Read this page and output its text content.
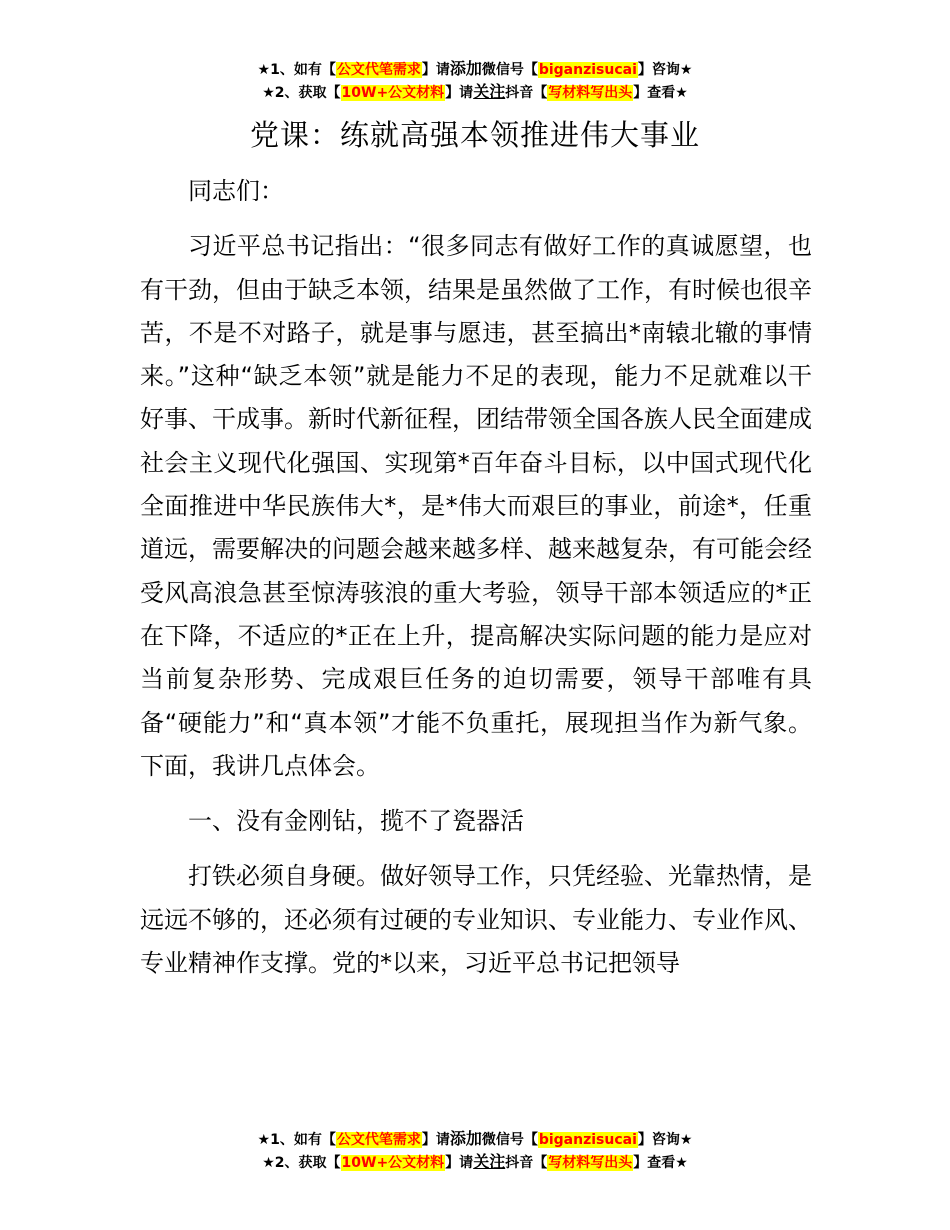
★1、如有【公文代笔需求】请添加微信号【biganzisucai】咨询★
★2、获取【10W+公文材料】请关注抖音【写材料写出头】查看★
党课：练就高强本领推进伟大事业

同志们：

习近平总书记指出：“很多同志有做好工作的真诚愿望，也有干劲，但由于缺乏本领，结果是虽然做了工作，有时候也很辛苦，不是不对路子，就是事与愿违，甚至搞出*南辕北辙的事情来。”这种“缺乏本领”就是能力不足的表现，能力不足就难以干好事、干成事。新时代新征程，团结带领全国各族人民全面建成社会主义现代化强国、实现第*百年奋斗目标，以中国式现代化全面推进中华民族伟大*，是*伟大而艰巨的事业，前途*，任重道远，需要解决的问题会越来越多样、越来越复杂，有可能会经受风高浪急甚至惊涛骇浪的重大考验，领导干部本领适应的*正在下降，不适应的*正在上升，提高解决实际问题的能力是应对当前复杂形势、完成艰巨任务的迫切需要，领导干部唯有具备“硬能力”和“真本领”才能不负重托，展现担当作为新气象。下面，我讲几点体会。

一、没有金刚钻，揽不了瓷器活

打铁必须自身硬。做好领导工作，只凭经验、光靠热情，是远远不够的，还必须有过硬的专业知识、专业能力、专业作风、专业精神作支撑。党的*以来，习近平总书记把领导

★1、如有【公文代笔需求】请添加微信号【biganzisucai】咨询★
★2、获取【10W+公文材料】请关注抖音【写材料写出头】查看★
